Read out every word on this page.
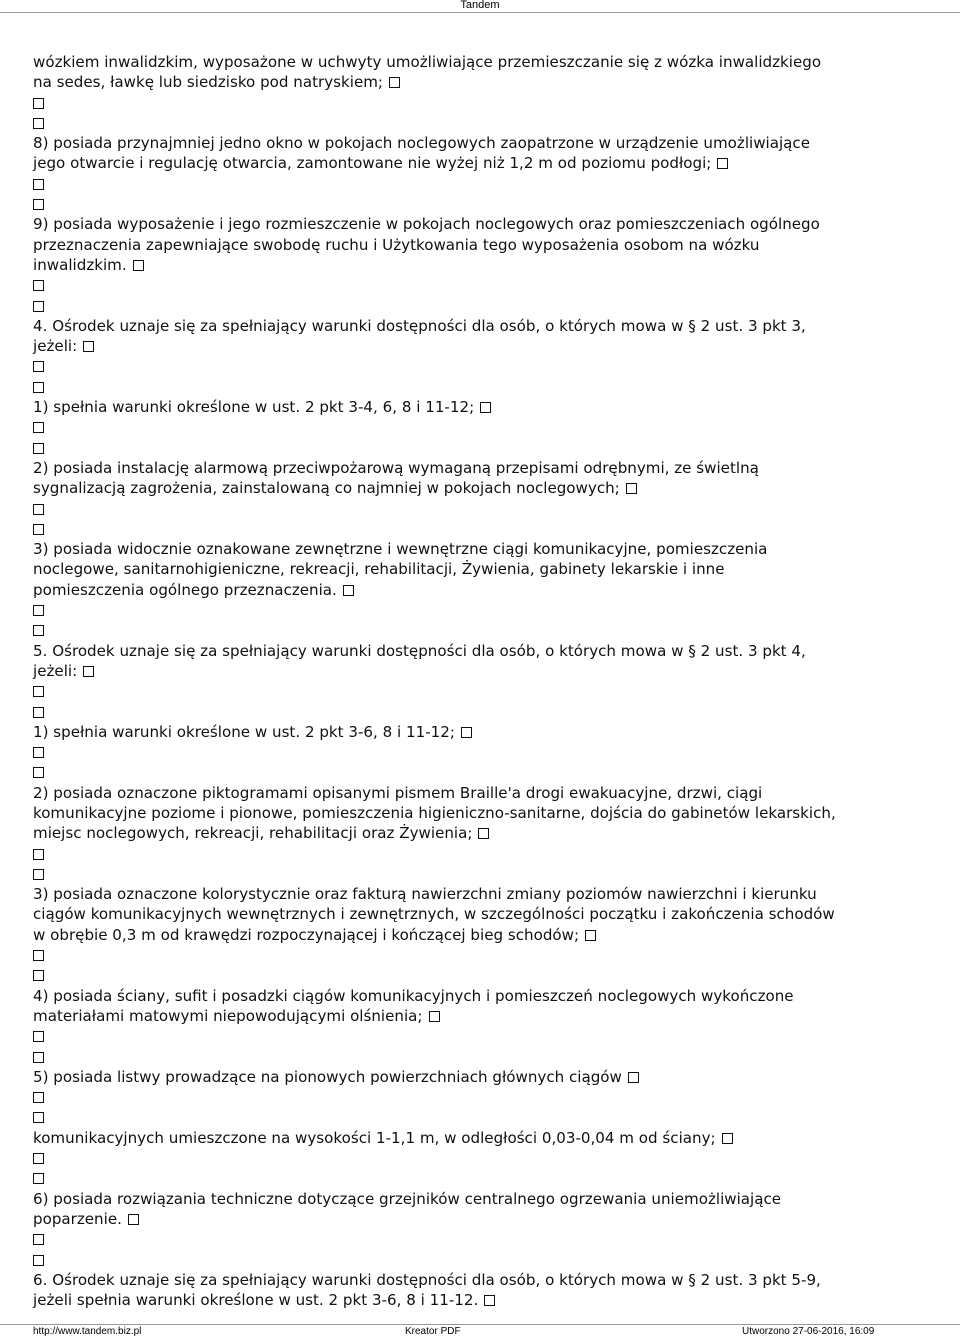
Tandem
wózkiem inwalidzkim, wyposażone w uchwyty umożliwiające przemieszczanie się z wózka inwalidzkiego
na sedes, ławkę lub siedzisko pod natryskiem;
8) posiada przynajmniej jedno okno w pokojach noclegowych zaopatrzone w urządzenie umożliwiające
jego otwarcie i regulację otwarcia, zamontowane nie wyżej niż 1,2 m od poziomu podłogi;
9) posiada wyposażenie i jego rozmieszczenie w pokojach noclegowych oraz pomieszczeniach ogólnego
przeznaczenia zapewniające swobodę ruchu i Użytkowania tego wyposażenia osobom na wózku
inwalidzkim.
4. Ośrodek uznaje się za spełniający warunki dostępności dla osób, o których mowa w § 2 ust. 3 pkt 3,
jeżeli:
1) spełnia warunki określone w ust. 2 pkt 3-4, 6, 8 i 11-12;
2) posiada instalację alarmową przeciwpożarową wymaganą przepisami odrębnymi, ze świetlną
sygnalizacją zagrożenia, zainstalowaną co najmniej w pokojach noclegowych;
3) posiada widocznie oznakowane zewnętrzne i wewnętrzne ciągi komunikacyjne, pomieszczenia
noclegowe, sanitarnohigieniczne, rekreacji, rehabilitacji, Żywienia, gabinety lekarskie i inne
pomieszczenia ogólnego przeznaczenia.
5. Ośrodek uznaje się za spełniający warunki dostępności dla osób, o których mowa w § 2 ust. 3 pkt 4,
jeżeli:
1) spełnia warunki określone w ust. 2 pkt 3-6, 8 i 11-12;
2) posiada oznaczone piktogramami opisanymi pismem Braille'a drogi ewakuacyjne, drzwi, ciągi
komunikacyjne poziome i pionowe, pomieszczenia higieniczno-sanitarne, dojścia do gabinetów lekarskich,
miejsc noclegowych, rekreacji, rehabilitacji oraz Żywienia;
3) posiada oznaczone kolorystycznie oraz fakturą nawierzchni zmiany poziomów nawierzchni i kierunku
ciągów komunikacyjnych wewnętrznych i zewnętrznych, w szczególności początku i zakończenia schodów
w obrębie 0,3 m od krawędzi rozpoczynającej i kończącej bieg schodów;
4) posiada ściany, sufit i posadzki ciągów komunikacyjnych i pomieszczeń noclegowych wykończone
materiałami matowymi niepowodującymi olśnienia;
5) posiada listwy prowadzące na pionowych powierzchniach głównych ciągów
komunikacyjnych umieszczone na wysokości 1-1,1 m, w odległości 0,03-0,04 m od ściany;
6) posiada rozwiązania techniczne dotyczące grzejników centralnego ogrzewania uniemożliwiające
poparzenie.
6. Ośrodek uznaje się za spełniający warunki dostępności dla osób, o których mowa w § 2 ust. 3 pkt 5-9,
jeżeli spełnia warunki określone w ust. 2 pkt 3-6, 8 i 11-12.
http://www.tandem.biz.pl	Kreator PDF	Utworzono 27-06-2016, 16:09
